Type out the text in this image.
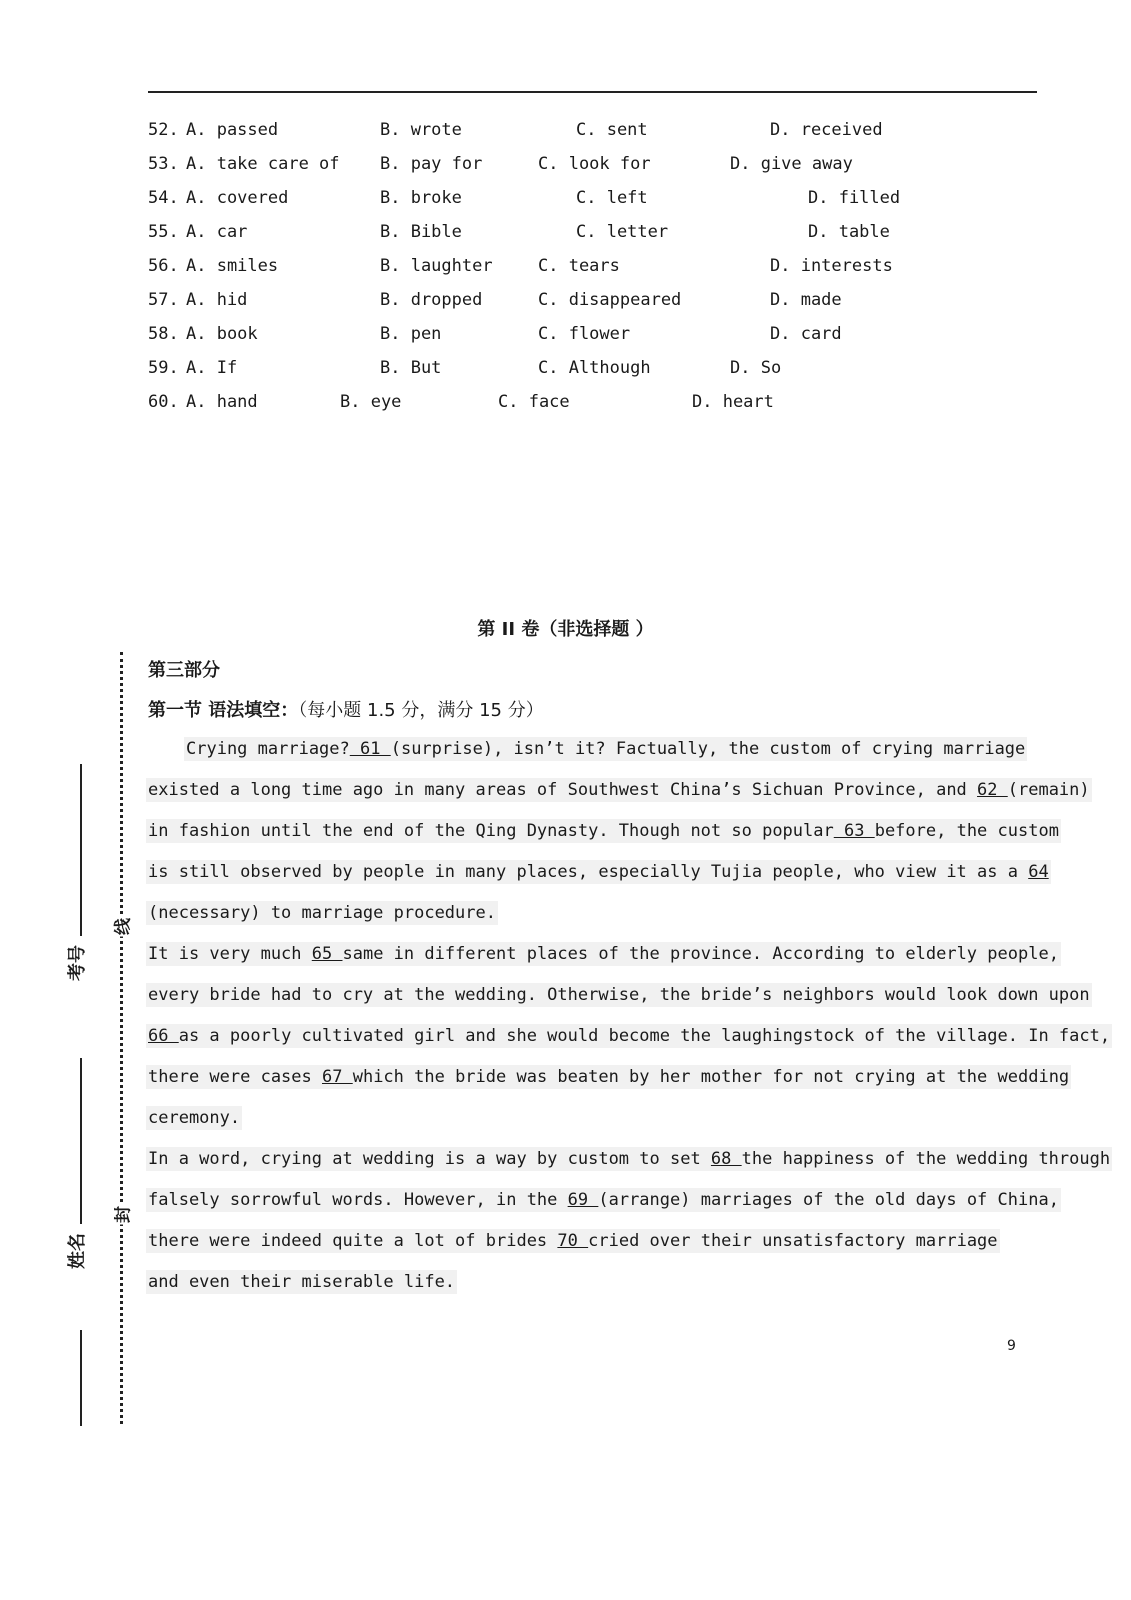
52. A. passed	B. wrote	C. sent	D. received
53. A. take care of B. pay for	C. look for	D. give away
54. A. covered	B. broke	C. left	D. filled
55. A. car	B. Bible	C. letter	D. table
56. A. smiles	B. laughter	C. tears	D. interests
57. A. hid	B. dropped	C. disappeared	D. made
58. A. book	B. pen	C. flower	D. card
59. A. If	B. But	C. Although	D. So
60. A. hand	B. eye	C. face	D. heart
第 II 卷（非选择题 ）
第三部分
第一节 语法填空：（每小题 1.5 分，满分 15 分）
Crying marriage? 61 (surprise), isn’t it? Factually, the custom of crying marriage
existed a long time ago in many areas of Southwest China’s Sichuan Province, and 62 (remain)
in fashion until the end of the Qing Dynasty. Though not so popular 63 before, the custom
is still observed by people in many places, especially Tujia people, who view it as a 64
(necessary) to marriage procedure.
It is very much 65 same in different places of the province. According to elderly people,
every bride had to cry at the wedding. Otherwise, the bride’s neighbors would look down upon
66 as a poorly cultivated girl and she would become the laughingstock of the village. In fact,
there were cases 67 which the bride was beaten by her mother for not crying at the wedding
ceremony.
In a word, crying at wedding is a way by custom to set 68 the happiness of the wedding through
falsely sorrowful words. However, in the 69 (arrange) marriages of the old days of China,
there were indeed quite a lot of brides 70 cried over their unsatisfactory marriage
and even their miserable life.
9
线
封
考号
姓名
